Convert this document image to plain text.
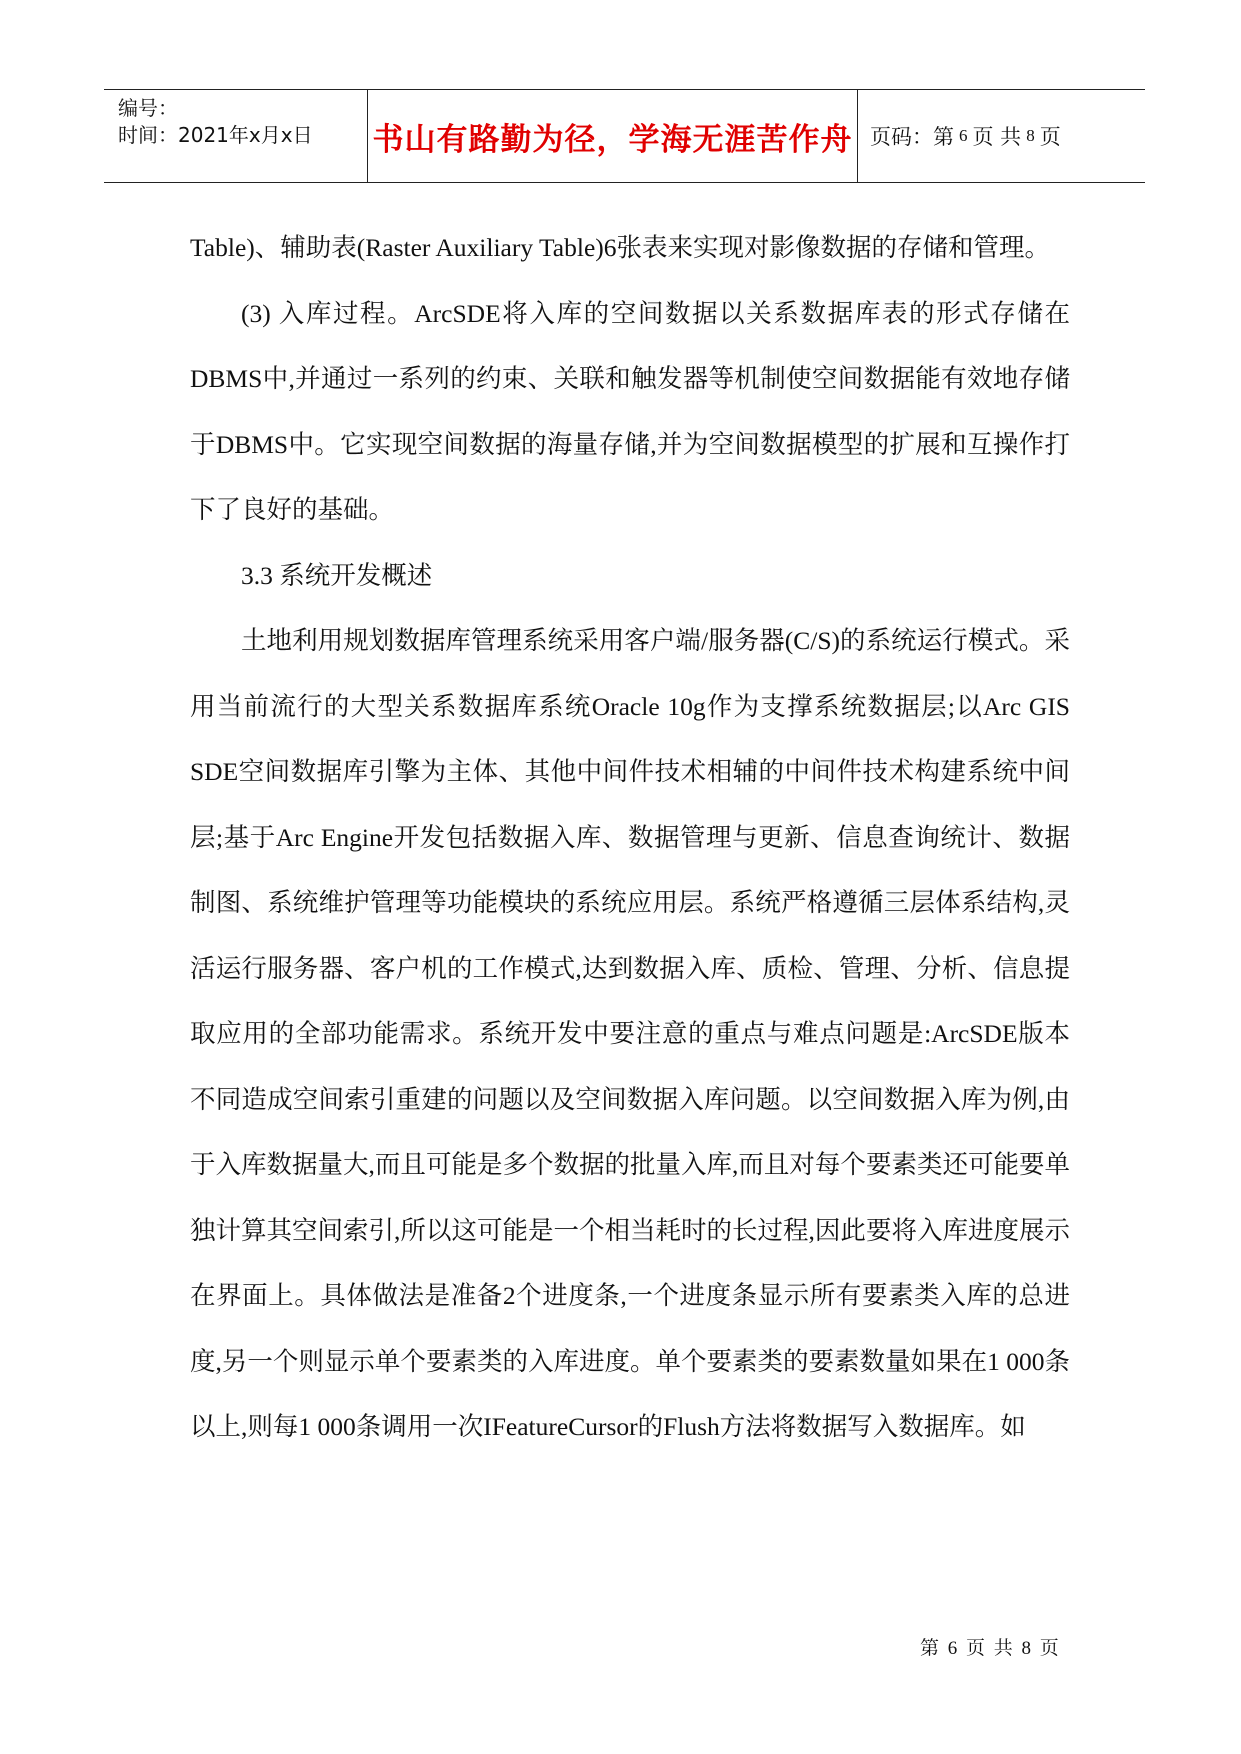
编号：
时间：2021年x月x日 书山有路勤为径，学海无涯苦作舟 页码：第 6 页 共 8 页

Table)、辅助表(Raster Auxiliary Table)6张表来实现对影像数据的存储和管理。

(3) 入库过程。ArcSDE将入库的空间数据以关系数据库表的形式存储在DBMS中,并通过一系列的约束、关联和触发器等机制使空间数据能有效地存储于DBMS中。它实现空间数据的海量存储,并为空间数据模型的扩展和互操作打下了良好的基础。

3.3 系统开发概述

土地利用规划数据库管理系统采用客户端/服务器(C/S)的系统运行模式。采用当前流行的大型关系数据库系统Oracle 10g作为支撑系统数据层;以Arc GIS SDE空间数据库引擎为主体、其他中间件技术相辅的中间件技术构建系统中间层;基于Arc Engine开发包括数据入库、数据管理与更新、信息查询统计、数据制图、系统维护管理等功能模块的系统应用层。系统严格遵循三层体系结构,灵活运行服务器、客户机的工作模式,达到数据入库、质检、管理、分析、信息提取应用的全部功能需求。系统开发中要注意的重点与难点问题是:ArcSDE版本不同造成空间索引重建的问题以及空间数据入库问题。以空间数据入库为例,由于入库数据量大,而且可能是多个数据的批量入库,而且对每个要素类还可能要单独计算其空间索引,所以这可能是一个相当耗时的长过程,因此要将入库进度展示在界面上。具体做法是准备2个进度条,一个进度条显示所有要素类入库的总进度,另一个则显示单个要素类的入库进度。单个要素类的要素数量如果在1 000条以上,则每1 000条调用一次IFeatureCursor的Flush方法将数据写入数据库。如

第 6 页 共 8 页
